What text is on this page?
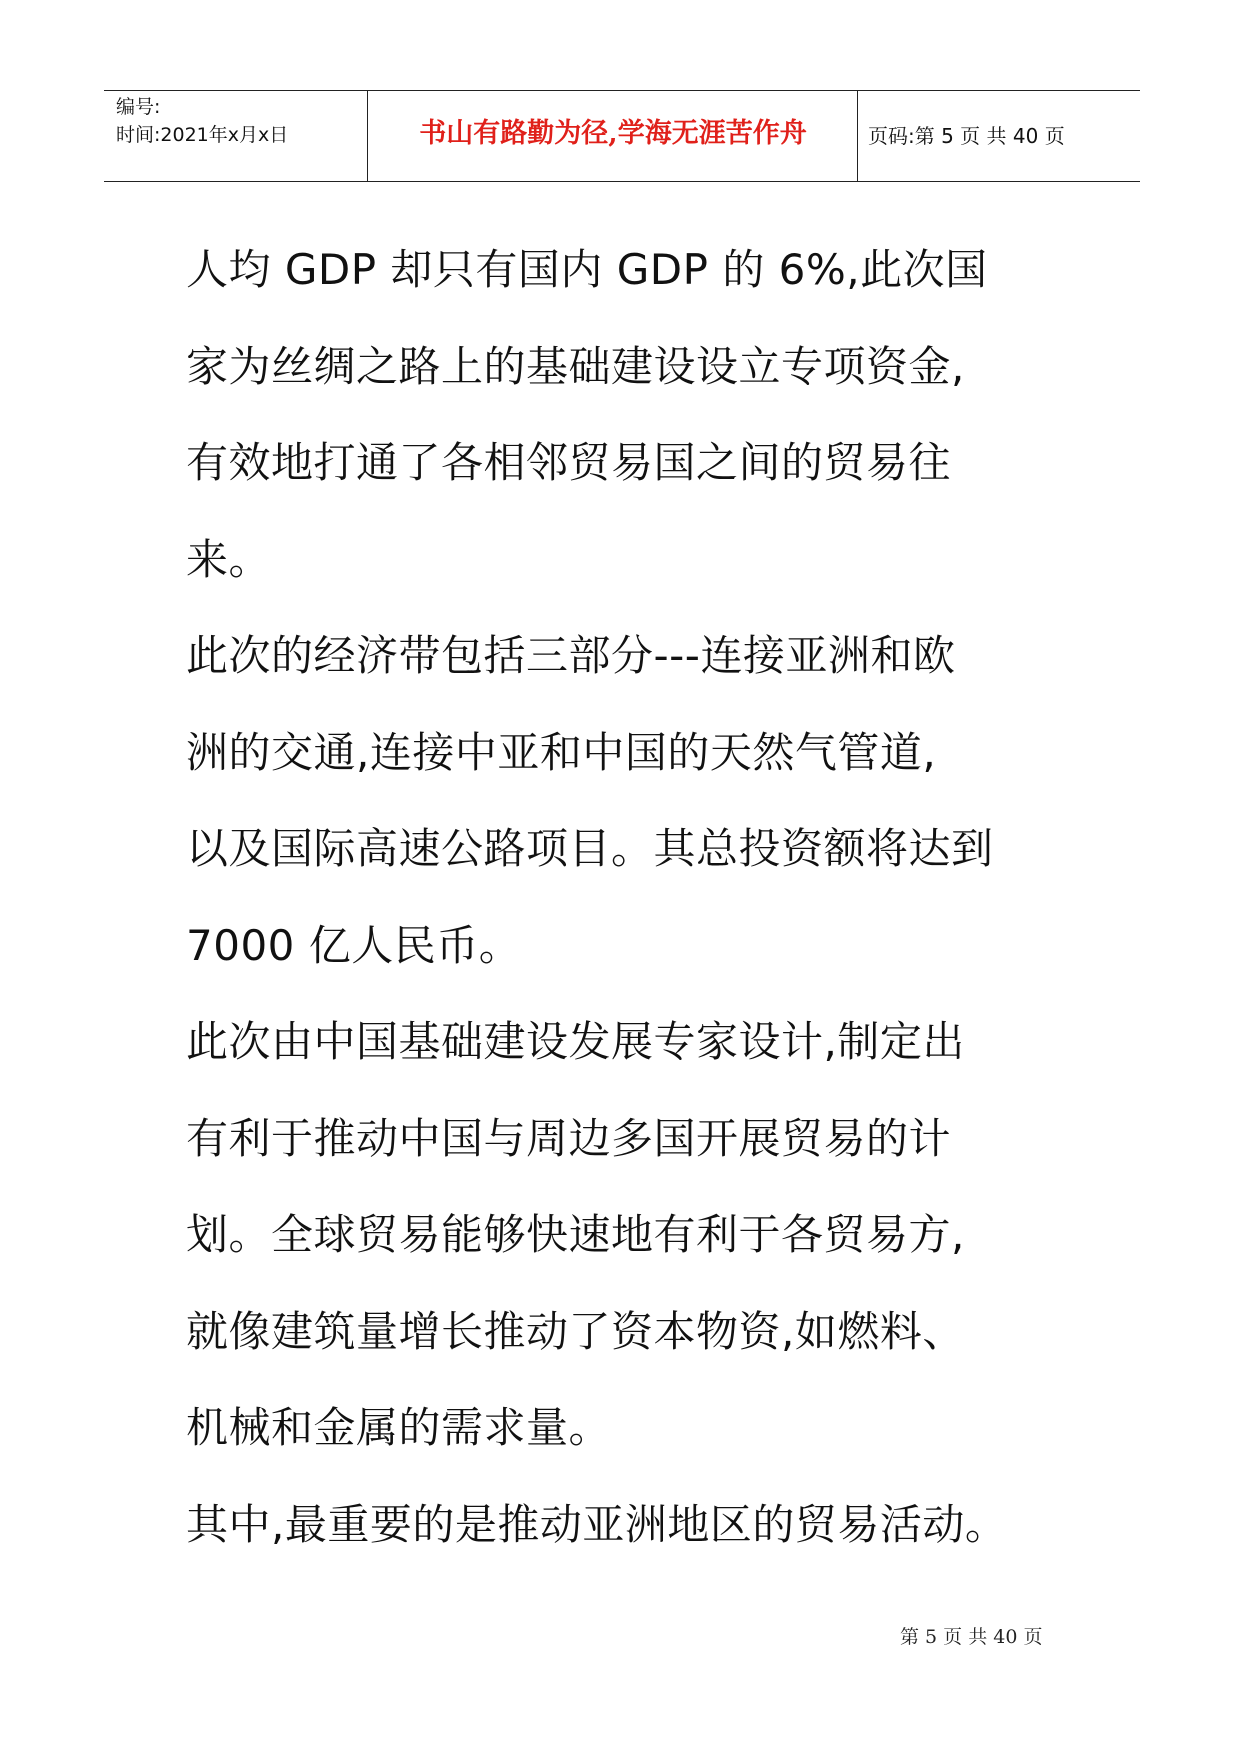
编号:
时间:2021年x月x日	书山有路勤为径,学海无涯苦作舟	页码:第 5 页 共 40 页

人均 GDP 却只有国内 GDP 的 6%,此次国
家为丝绸之路上的基础建设设立专项资金,
有效地打通了各相邻贸易国之间的贸易往
来。

此次的经济带包括三部分---连接亚洲和欧
洲的交通,连接中亚和中国的天然气管道,
以及国际高速公路项目。其总投资额将达到
7000 亿人民币。

此次由中国基础建设发展专家设计,制定出
有利于推动中国与周边多国开展贸易的计
划。全球贸易能够快速地有利于各贸易方,
就像建筑量增长推动了资本物资,如燃料、
机械和金属的需求量。

其中,最重要的是推动亚洲地区的贸易活动。

第 5 页 共 40 页
